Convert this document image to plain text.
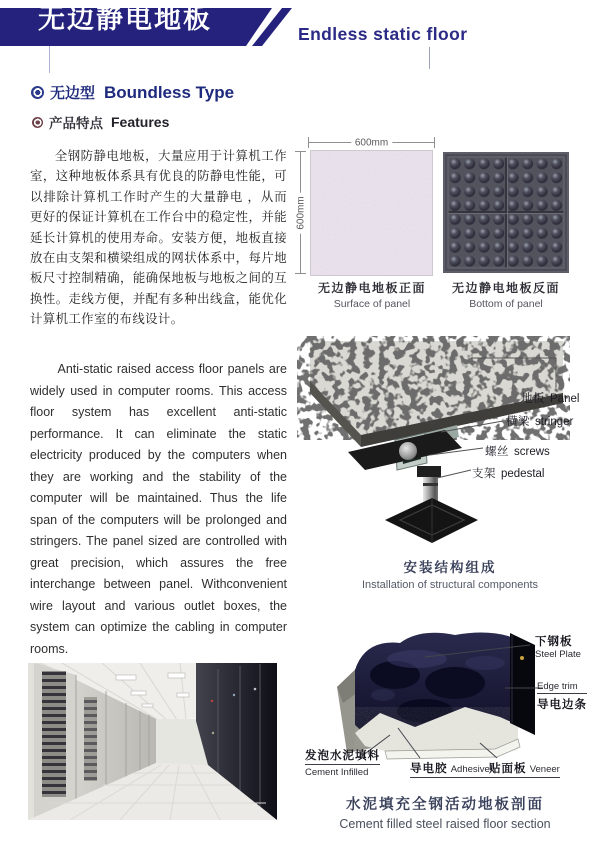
无边静电地板	Endless static floor
无边型 Boundless Type
产品特点 Features

全钢防静电地板，大量应用于计算机工作室，这种地板体系具有优良的防静电性能，可以排除计算机工作时产生的大量静电 ，从而更好的保证计算机在工作台中的稳定性，并能延长计算机的使用寿命。安装方便，地板直接放在由支架和横梁组成的网状体系中，每片地板尺寸控制精确，能确保地板与地板之间的互换性。走线方便，并配有多种出线盒，能优化计算机工作室的布线设计。

Anti-static raised access floor panels are widely used in computer rooms. This access floor system has excellent anti-static performance. It can eliminate the static electricity produced by the computers when they are working and the stability of the computer will be maintained. Thus the life span of the computers will be prolonged and stringers. The panel sized are controlled with great precision, which assures the free interchange between panel. Withconvenient wire layout and various outlet boxes, the system can optimize the cabling in computer rooms.

600mm
600mm
无边静电地板正面
Surface of panel
无边静电地板反面
Bottom of panel
地板 Panel
横梁 stringer
螺丝 screws
支架 pedestal
安装结构组成
Installation of structural components
下钢板
Steel Plate
Edge trim
导电边条
发泡水泥填料
Cement Infilled	导电胶 Adhesive 贴面板 Veneer
水泥填充全钢活动地板剖面
Cement filled steel raised floor section
